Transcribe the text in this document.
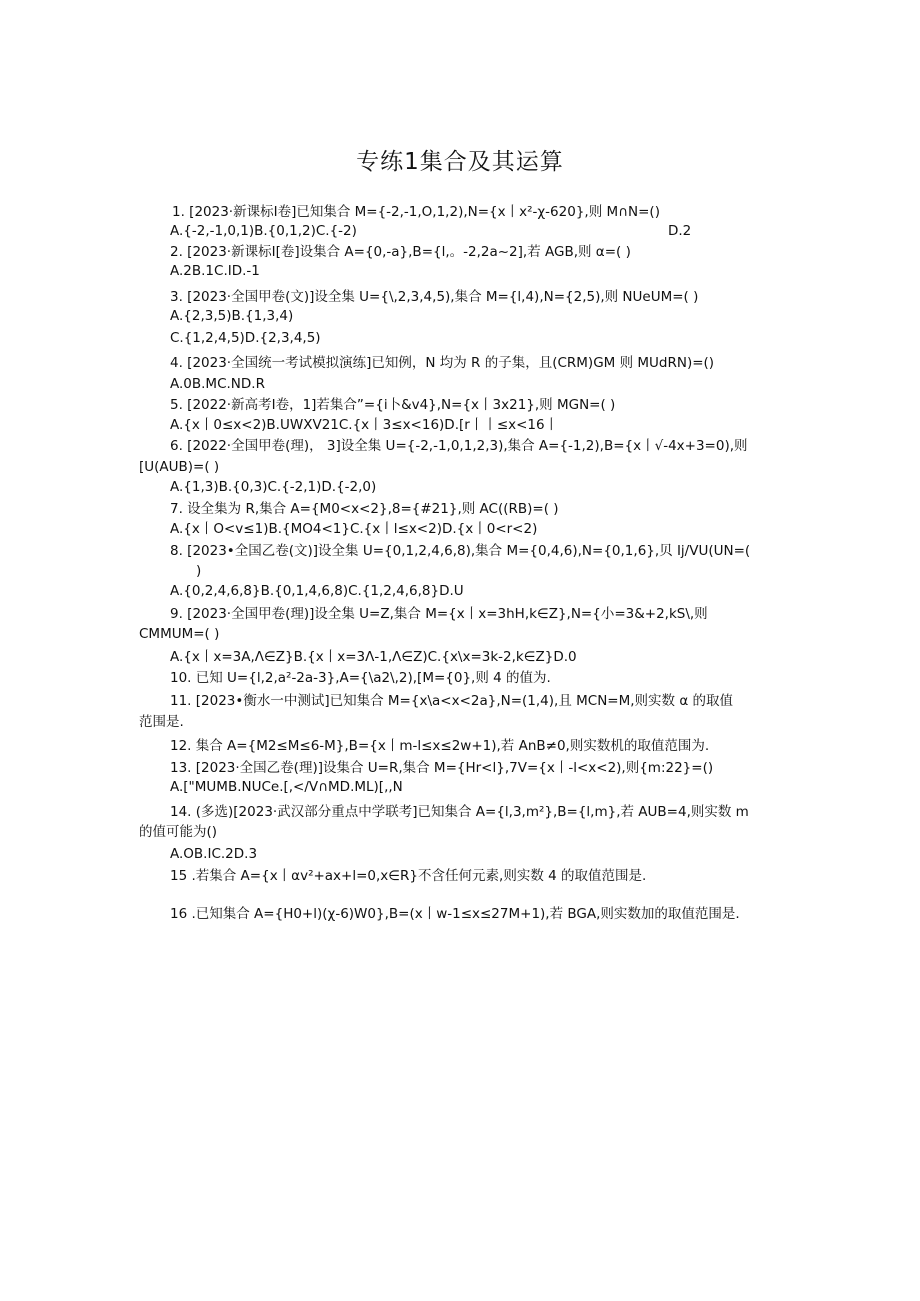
专练1集合及其运算
1. [2023·新课标Ⅰ卷]已知集合 M={-2,-1,O,1,2),N={x丨x²-χ-620},则 M∩N=()
A.{-2,-1,0,1)B.{0,1,2)C.{-2)	D.2
2. [2023·新课标Ⅰ[卷]设集合 A={0,-a},B={l,。-2,2a~2],若 AGB,则 α=( )
A.2B.1C.ID.-1
3. [2023·全国甲卷(文)]设全集 U={\,2,3,4,5),集合 M={l,4),N={2,5),则 NUeUM=( )
A.{2,3,5)B.{1,3,4)
C.{1,2,4,5)D.{2,3,4,5)
4. [2023·全国统一考试模拟演练]已知例，N 均为 R 的子集，且(CRM)GM 则 MUdRN)=()
A.0B.MC.ND.R
5. [2022·新高考Ⅰ卷，1]若集合”={i卜&v4},N={x丨3x21},则 MGN=( )
A.{x丨0≤x<2)B.UWXV21C.{x丨3≤x<16)D.[r丨丨≤x<16丨
6. [2022·全国甲卷(理)， 3]设全集 U={-2,-1,0,1,2,3),集合 A={-1,2),B={x丨√-4x+3=0),则
[U(AUB)=( )
A.{1,3)B.{0,3)C.{-2,1)D.{-2,0)
7. 设全集为 R,集合 A={M0<x<2},8={#21},则 AC((RB)=( )
A.{x丨O<v≤1)B.{MO4<1}C.{x丨l≤x<2)D.{x丨0<r<2)
8. [2023•全国乙卷(文)]设全集 U={0,1,2,4,6,8),集合 M={0,4,6),N={0,1,6},贝 Ij/VU(UN=(
)
A.{0,2,4,6,8}B.{0,1,4,6,8)C.{1,2,4,6,8}D.U
9. [2023·全国甲卷(理)]设全集 U=Z,集合 M={x丨x=3hH,k∈Z},N={小=3&+2,kS\,则
CMMUM=( )
A.{x丨x=3A,Λ∈Z}B.{x丨x=3Λ-1,Λ∈Z)C.{x\x=3k-2,k∈Z}D.0
10. 已知 U={l,2,a²-2a-3},A={\a2\,2),[M={0},则 4 的值为.
11. [2023•衡水一中测试]已知集合 M={x\a<x<2a},N=(1,4),且 MCN=M,则实数 α 的取值
范围是.
12. 集合 A={M2≤M≤6-M},B={x丨m-l≤x≤2w+1),若 AnB≠0,则实数机的取值范围为.
13. [2023·全国乙卷(理)]设集合 U=R,集合 M={Hr<l},7V={x丨-l<x<2),则{m:22}=()
A.["MUMB.NUCe.[,</V∩MD.ML)[,,N
14. (多选)[2023·武汉部分重点中学联考]已知集合 A={l,3,m²},B={l,m},若 AUB=4,则实数 m
的值可能为()
A.OB.IC.2D.3
15 .若集合 A={x丨αv²+ax+l=0,x∈R}不含任何元素,则实数 4 的取值范围是.
16 .已知集合 A={H0+l)(χ-6)W0},B=(x丨w-1≤x≤27M+1),若 BGA,则实数加的取值范围是.
